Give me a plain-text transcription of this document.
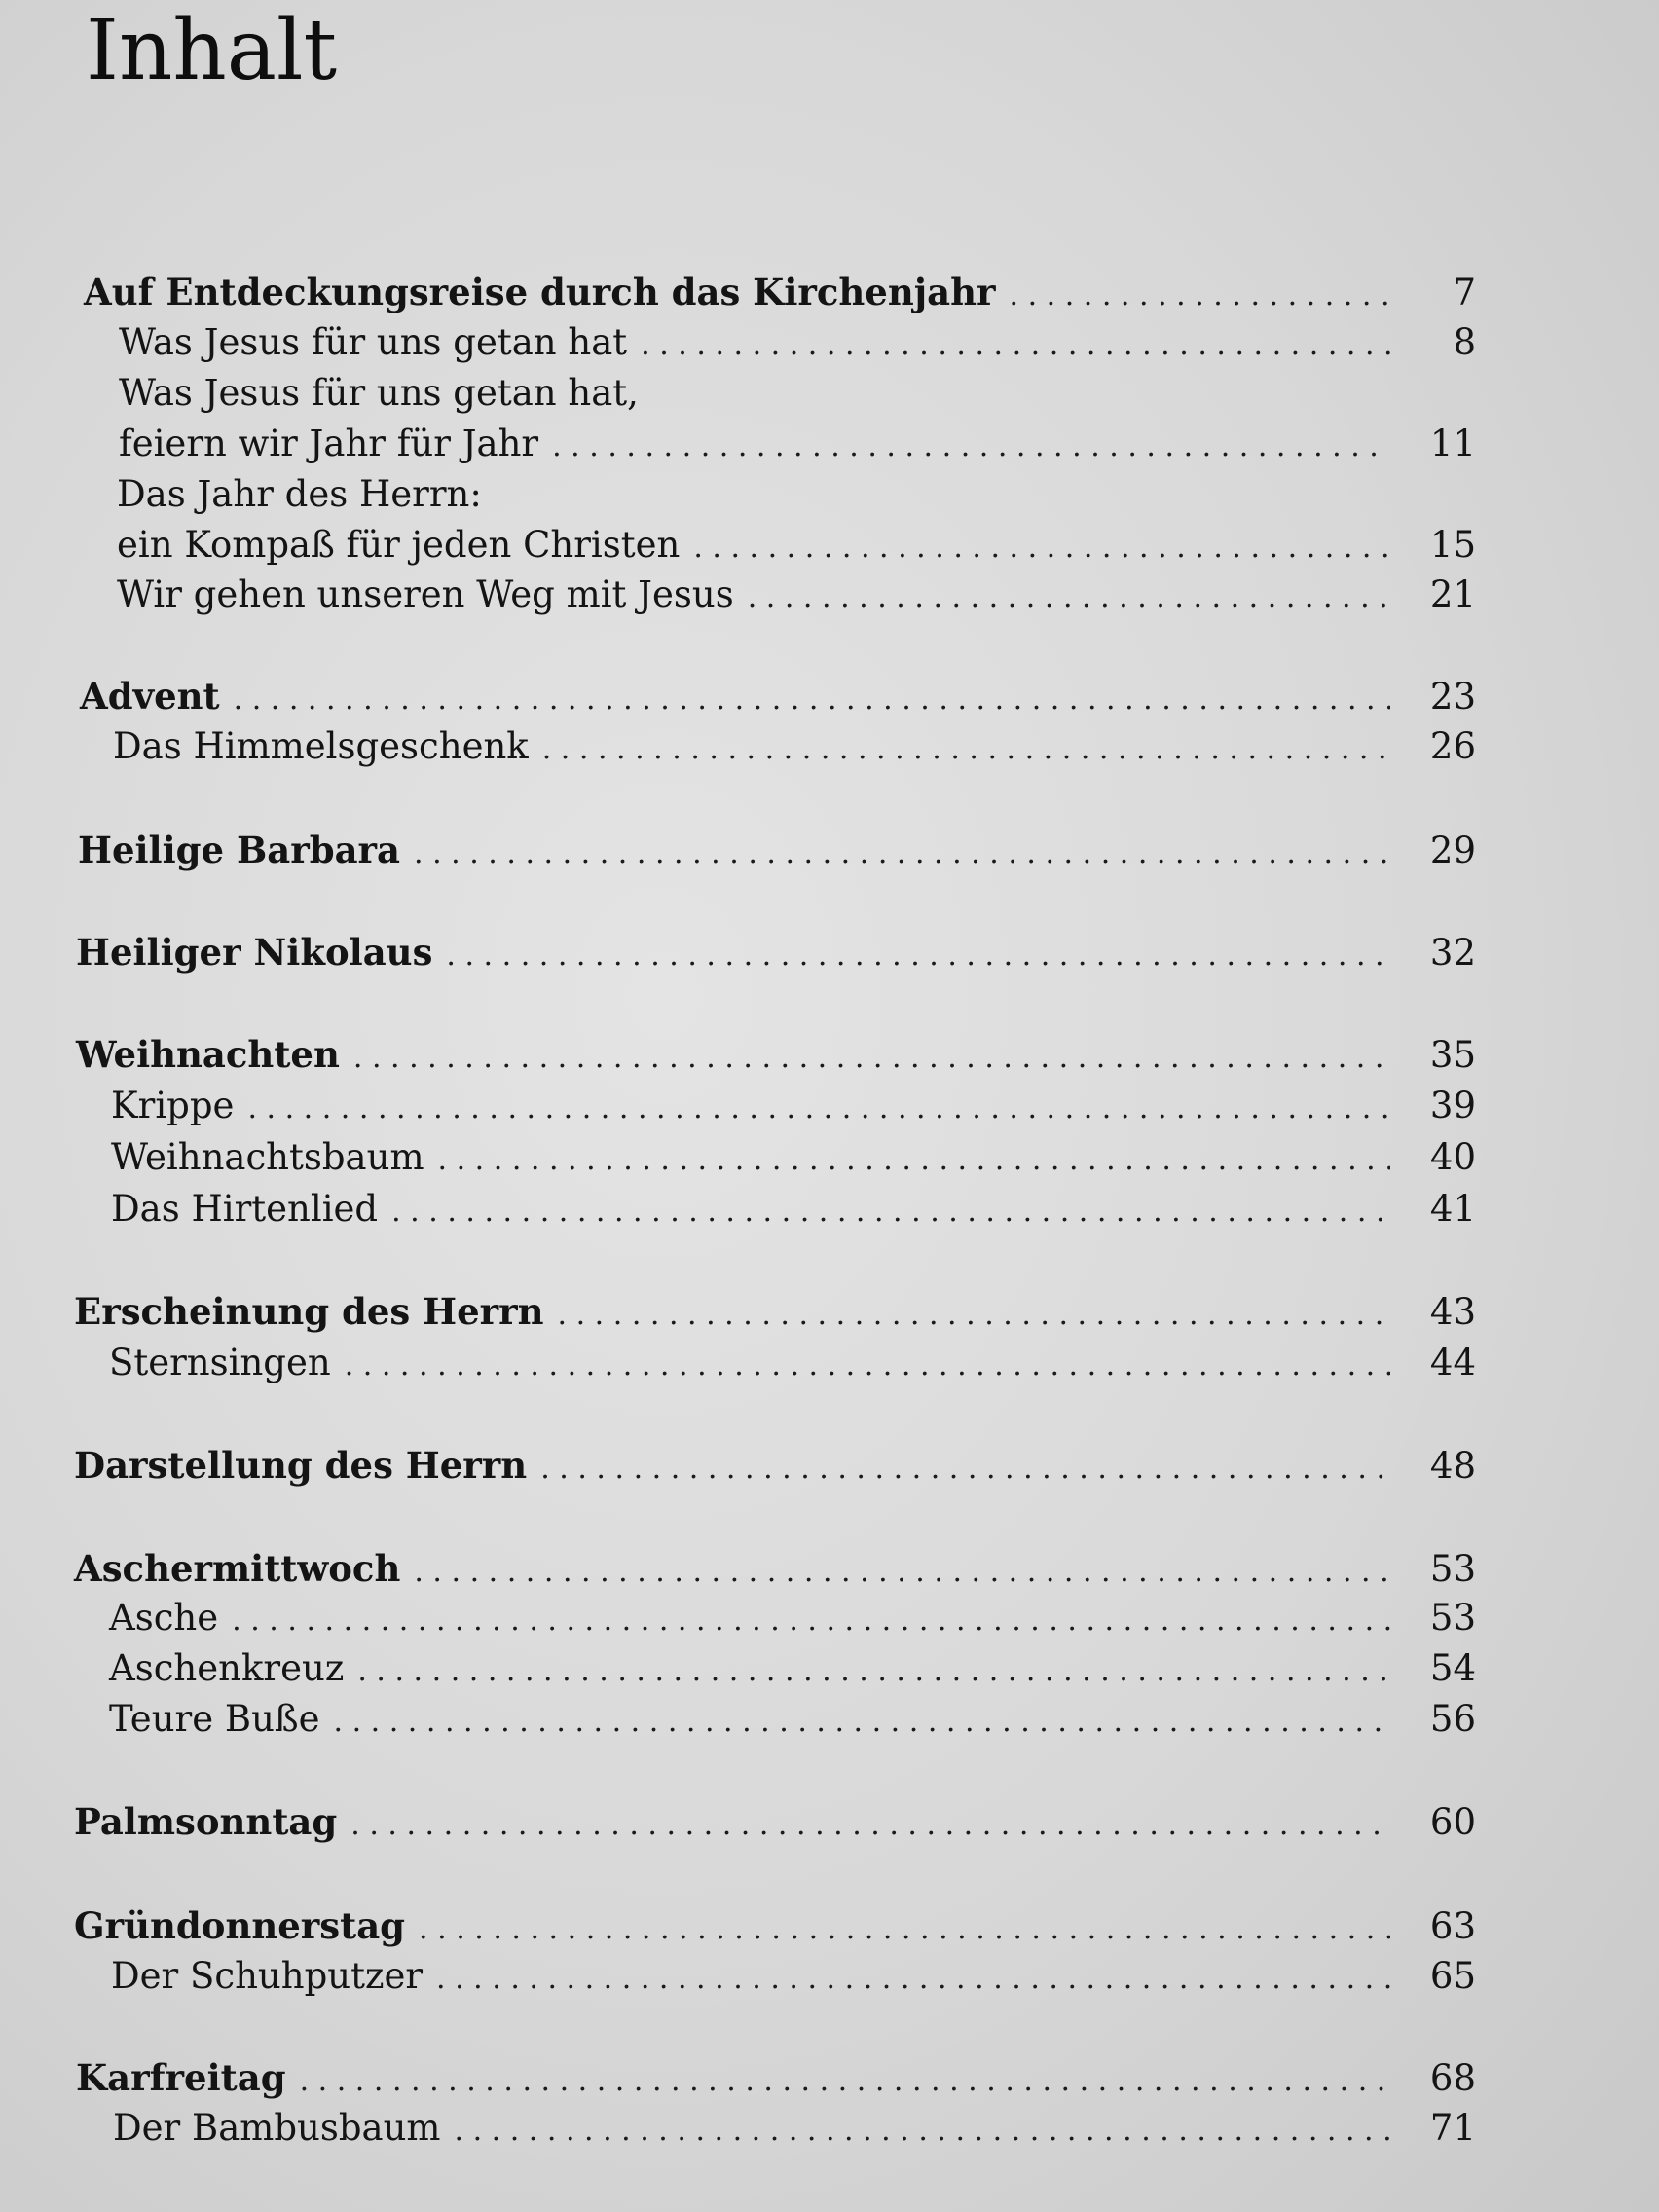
Inhalt
Auf Entdeckungsreise durch das Kirchenjahr . . .	7
Was Jesus für uns getan hat . . .	8
Was Jesus für uns getan hat,
feiern wir Jahr für Jahr . . .	11
Das Jahr des Herrn:
ein Kompaß für jeden Christen . . .	15
Wir gehen unseren Weg mit Jesus . . .	21
Advent . . .	23
Das Himmelsgeschenk . . .	26
Heilige Barbara . . .	29
Heiliger Nikolaus . . .	32
Weihnachten . . .	35
Krippe . . .	39
Weihnachtsbaum . . .	40
Das Hirtenlied . . .	41
Erscheinung des Herrn . . .	43
Sternsingen . . .	44
Darstellung des Herrn . . .	48
Aschermittwoch . . .	53
Asche . . .	53
Aschenkreuz . . .	54
Teure Buße . . .	56
Palmsonntag . . .	60
Gründonnerstag . . .	63
Der Schuhputzer . . .	65
Karfreitag . . .	68
Der Bambusbaum . . .	71
